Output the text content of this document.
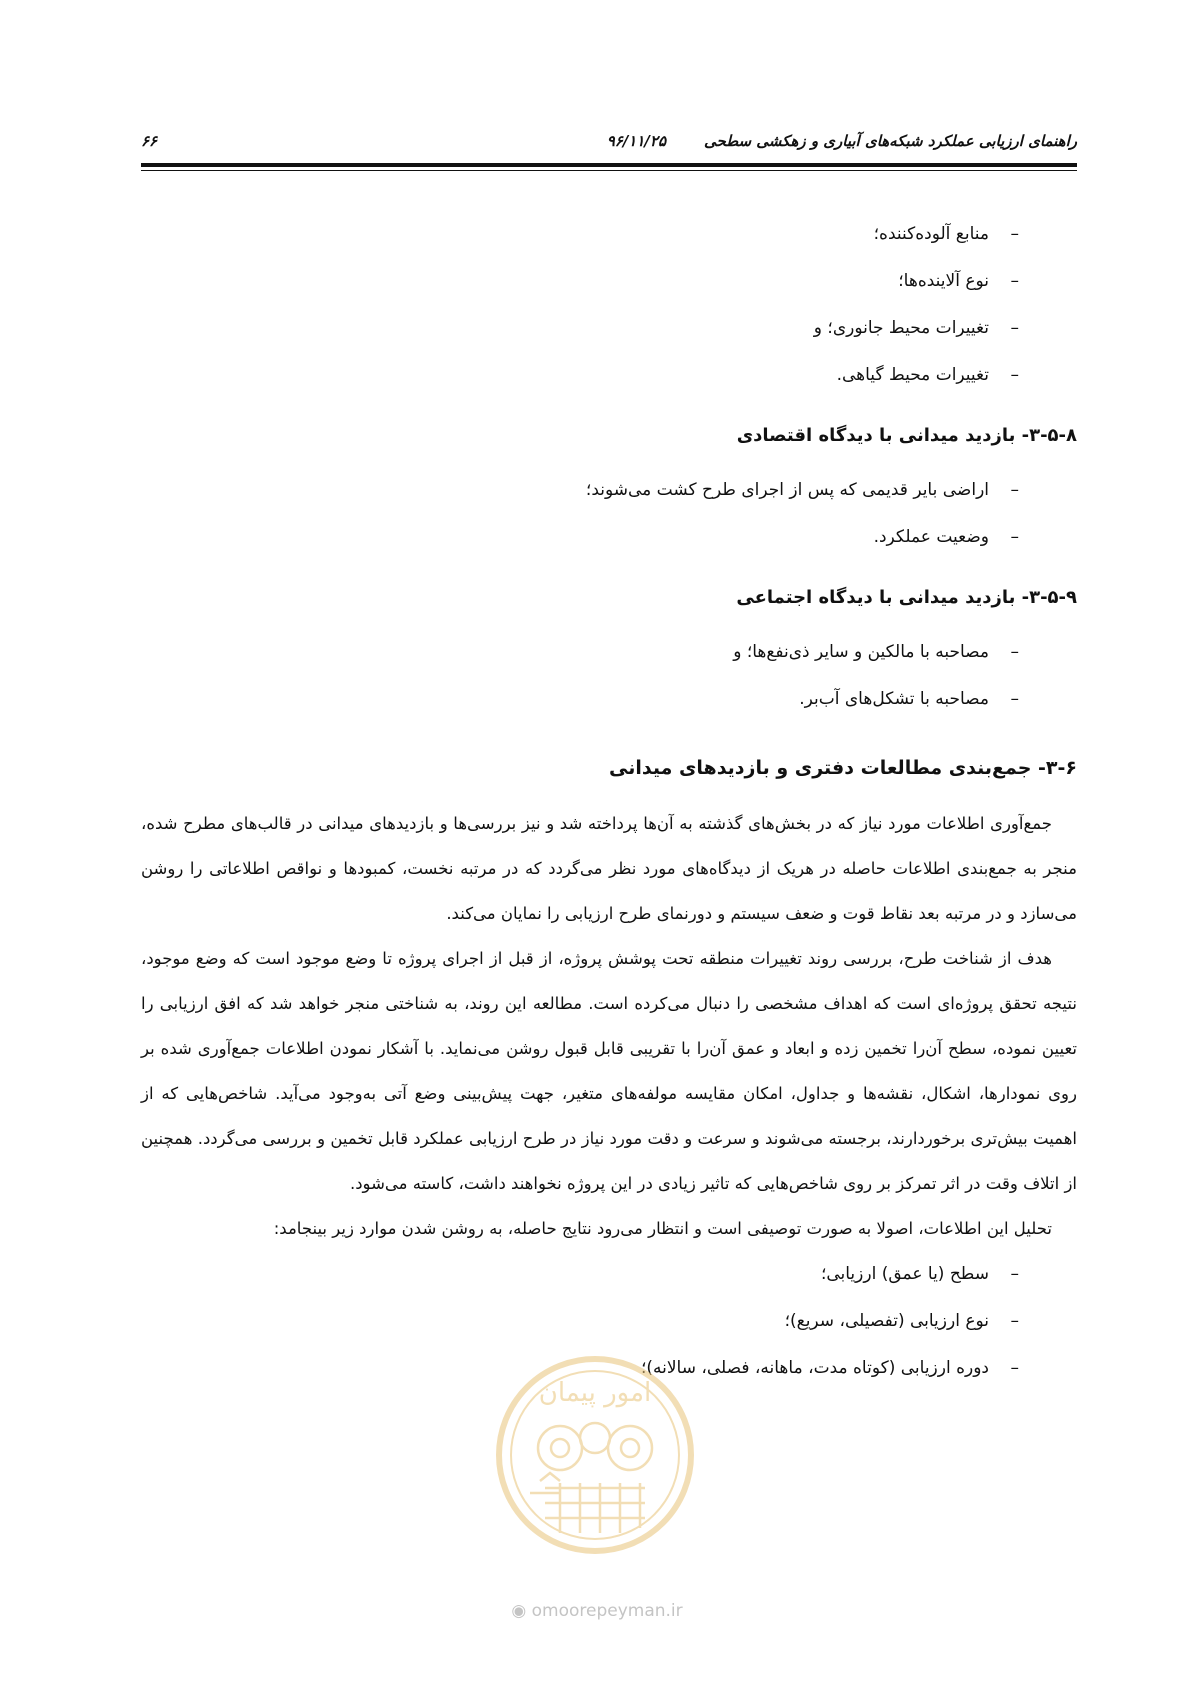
راهنمای ارزیابی عملکرد شبکه‌های آبیاری و زهکشی سطحی
۹۶/۱۱/۲۵
۶۶
–
منابع آلوده‌کننده؛
–
نوع آلاینده‌ها؛
–
تغییرات محیط جانوری؛ و
–
تغییرات محیط گیاهی.
۳-۵-۸- بازدید میدانی با دیدگاه اقتصادی
–
اراضی بایر قدیمی که پس از اجرای طرح کشت می‌شوند؛
–
وضعیت عملکرد.
۳-۵-۹- بازدید میدانی با دیدگاه اجتماعی
–
مصاحبه با مالکین و سایر ذی‌نفع‌ها؛ و
–
مصاحبه با تشکل‌های آب‌بر.
۳-۶- جمع‌بندی مطالعات دفتری و بازدیدهای میدانی

جمع‌آوری اطلاعات مورد نیاز که در بخش‌های گذشته به آن‌ها پرداخته شد و نیز بررسی‌ها و بازدیدهای میدانی در قالب‌های مطرح شده، منجر به جمع‌بندی اطلاعات حاصله در هریک از دیدگاه‌های مورد نظر می‌گردد که در مرتبه نخست، کمبودها و نواقص اطلاعاتی را روشن می‌سازد و در مرتبه بعد نقاط قوت و ضعف سیستم و دورنمای طرح ارزیابی را نمایان می‌کند.

هدف از شناخت طرح، بررسی روند تغییرات منطقه تحت پوشش پروژه، از قبل از اجرای پروژه تا وضع موجود است که وضع موجود، نتیجه تحقق پروژه‌ای است که اهداف مشخصی را دنبال می‌کرده است. مطالعه این روند، به شناختی منجر خواهد شد که افق ارزیابی را تعیین نموده، سطح آن‌را تخمین زده و ابعاد و عمق آن‌را با تقریبی قابل قبول روشن می‌نماید. با آشکار نمودن اطلاعات جمع‌آوری شده بر روی نمودارها، اشکال، نقشه‌ها و جداول، امکان مقایسه مولفه‌های متغیر، جهت پیش‌بینی وضع آتی به‌وجود می‌آید. شاخص‌هایی که از اهمیت بیش‌تری برخوردارند، برجسته می‌شوند و سرعت و دقت مورد نیاز در طرح ارزیابی عملکرد قابل تخمین و بررسی می‌گردد. همچنین از اتلاف وقت در اثر تمرکز بر روی شاخص‌هایی که تاثیر زیادی در این پروژه نخواهند داشت، کاسته می‌شود.

تحلیل این اطلاعات، اصولا به صورت توصیفی است و انتظار می‌رود نتایج حاصله، به روشن شدن موارد زیر بینجامد:

–
سطح (یا عمق) ارزیابی؛
–
نوع ارزیابی (تفصیلی، سریع)؛
–
دوره ارزیابی (کوتاه مدت، ماهانه، فصلی، سالانه)؛
امور پیمان
◉ omoorepeyman.ir
